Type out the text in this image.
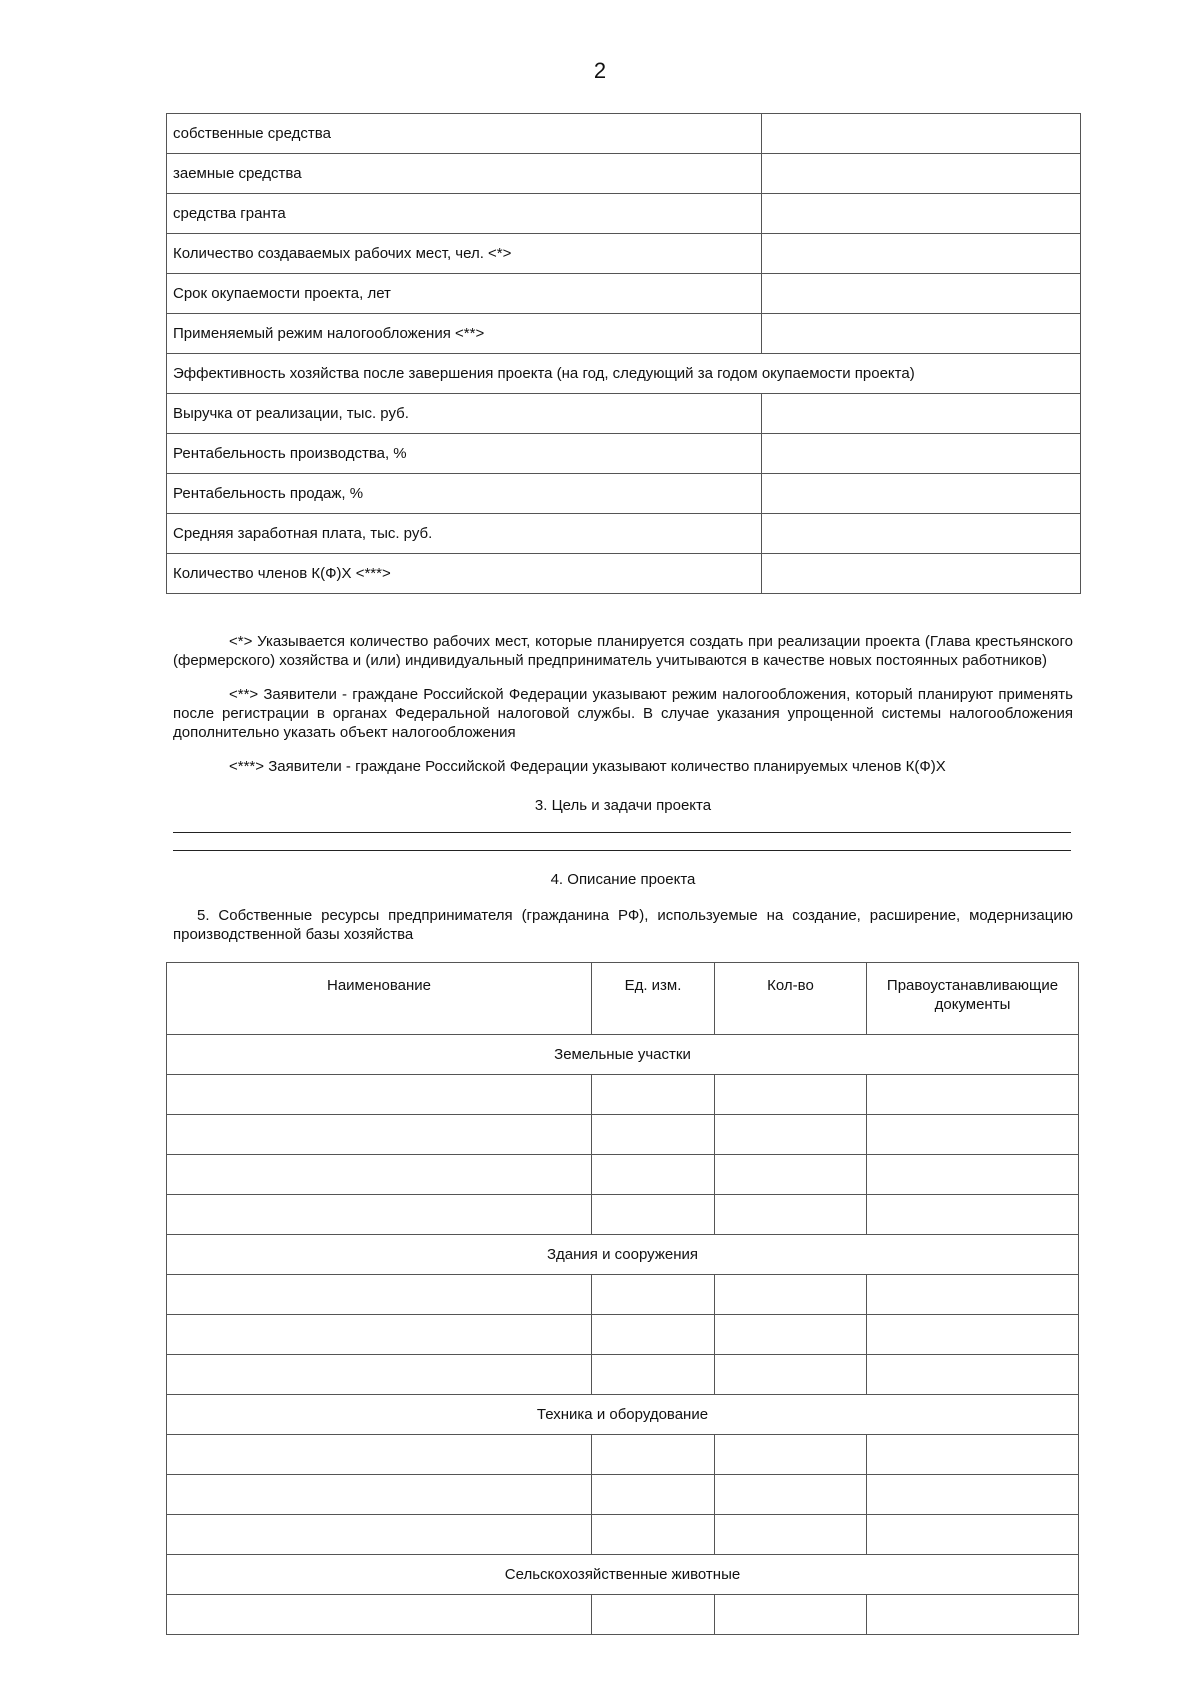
2
собственные средства	
заемные средства	
средства гранта	
Количество создаваемых рабочих мест, чел. <*>	
Срок окупаемости проекта, лет	
Применяемый режим налогообложения <**>	
Эффективность хозяйства после завершения проекта (на год, следующий за годом окупаемости проекта)	
Выручка от реализации, тыс. руб.	
Рентабельность производства, %	
Рентабельность продаж, %	
Средняя заработная плата, тыс. руб.	
Количество членов К(Ф)Х <***>	

<*> Указывается количество рабочих мест, которые планируется создать при реализации проекта (Глава крестьянского (фермерского) хозяйства и (или) индивидуальный предприниматель учитываются в качестве новых постоянных работников)

<**> Заявители - граждане Российской Федерации указывают режим налогообложения, который планируют применять после регистрации в органах Федеральной налоговой службы. В случае указания упрощенной системы налогообложения дополнительно указать объект налогообложения

<***> Заявители - граждане Российской Федерации указывают количество планируемых членов К(Ф)Х

3. Цель и задачи проекта
4. Описание проекта
5. Собственные ресурсы предпринимателя (гражданина РФ), используемые на создание, расширение, модернизацию производственной базы хозяйства
Наименование	Ед. изм.	Кол-во	Правоустанавливающие документы
Земельные участки			

Здания и сооружения			

Техника и оборудование			

Сельскохозяйственные животные			
